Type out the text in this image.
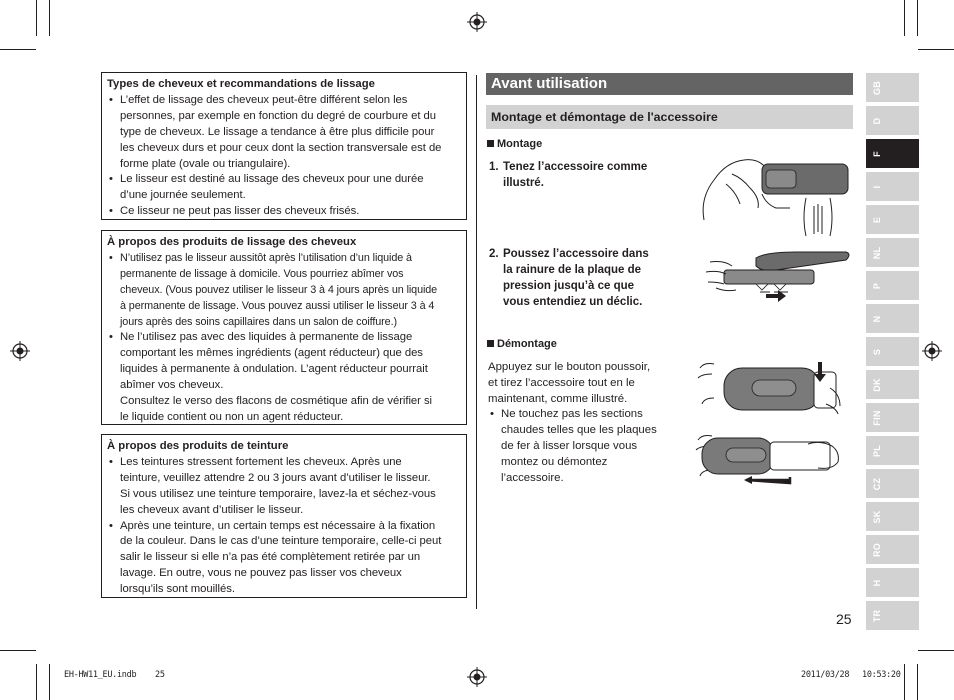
Types de cheveux et recommandations de lissage
• L’effet de lissage des cheveux peut-être différent selon les
personnes, par exemple en fonction du degré de courbure et du
type de cheveux. Le lissage a tendance à être plus difficile pour
les cheveux durs et pour ceux dont la section transversale est de
forme plate (ovale ou triangulaire).
• Le lisseur est destiné au lissage des cheveux pour une durée
d’une journée seulement.
• Ce lisseur ne peut pas lisser des cheveux frisés.
À propos des produits de lissage des cheveux
• N’utilisez pas le lisseur aussitôt après l’utilisation d’un liquide à
permanente de lissage à domicile. Vous pourriez abîmer vos
cheveux. (Vous pouvez utiliser le lisseur 3 à 4 jours après un liquide
à permanente de lissage. Vous pouvez aussi utiliser le lisseur 3 à 4
jours après des soins capillaires dans un salon de coiffure.)
• Ne l’utilisez pas avec des liquides à permanente de lissage
comportant les mêmes ingrédients (agent réducteur) que des
liquides à permanente à ondulation. L’agent réducteur pourrait
abîmer vos cheveux.
Consultez le verso des flacons de cosmétique afin de vérifier si
le liquide contient ou non un agent réducteur.
À propos des produits de teinture
• Les teintures stressent fortement les cheveux. Après une
teinture, veuillez attendre 2 ou 3 jours avant d’utiliser le lisseur.
Si vous utilisez une teinture temporaire, lavez-la et séchez-vous
les cheveux avant d’utiliser le lisseur.
• Après une teinture, un certain temps est nécessaire à la fixation
de la couleur. Dans le cas d’une teinture temporaire, celle-ci peut
salir le lisseur si elle n’a pas été complètement retirée par un
lavage. En outre, vous ne pouvez pas lisser vos cheveux
lorsqu’ils sont mouillés.
Avant utilisation
Montage et démontage de l'accessoire
Montage
1. Tenez l’accessoire comme
illustré.
2. Poussez l’accessoire dans
la rainure de la plaque de
pression jusqu’à ce que
vous entendiez un déclic.
Démontage
Appuyez sur le bouton poussoir,
et tirez l’accessoire tout en le
maintenant, comme illustré.
• Ne touchez pas les sections
chaudes telles que les plaques
de fer à lisser lorsque vous
montez ou démontez
l’accessoire.
GB
D
F
I
E
NL
P
N
S
DK
FIN
PL
CZ
SK
RO
H
TR
25
EH-HW11_EU.indb 25	2011/03/28 10:53:20
